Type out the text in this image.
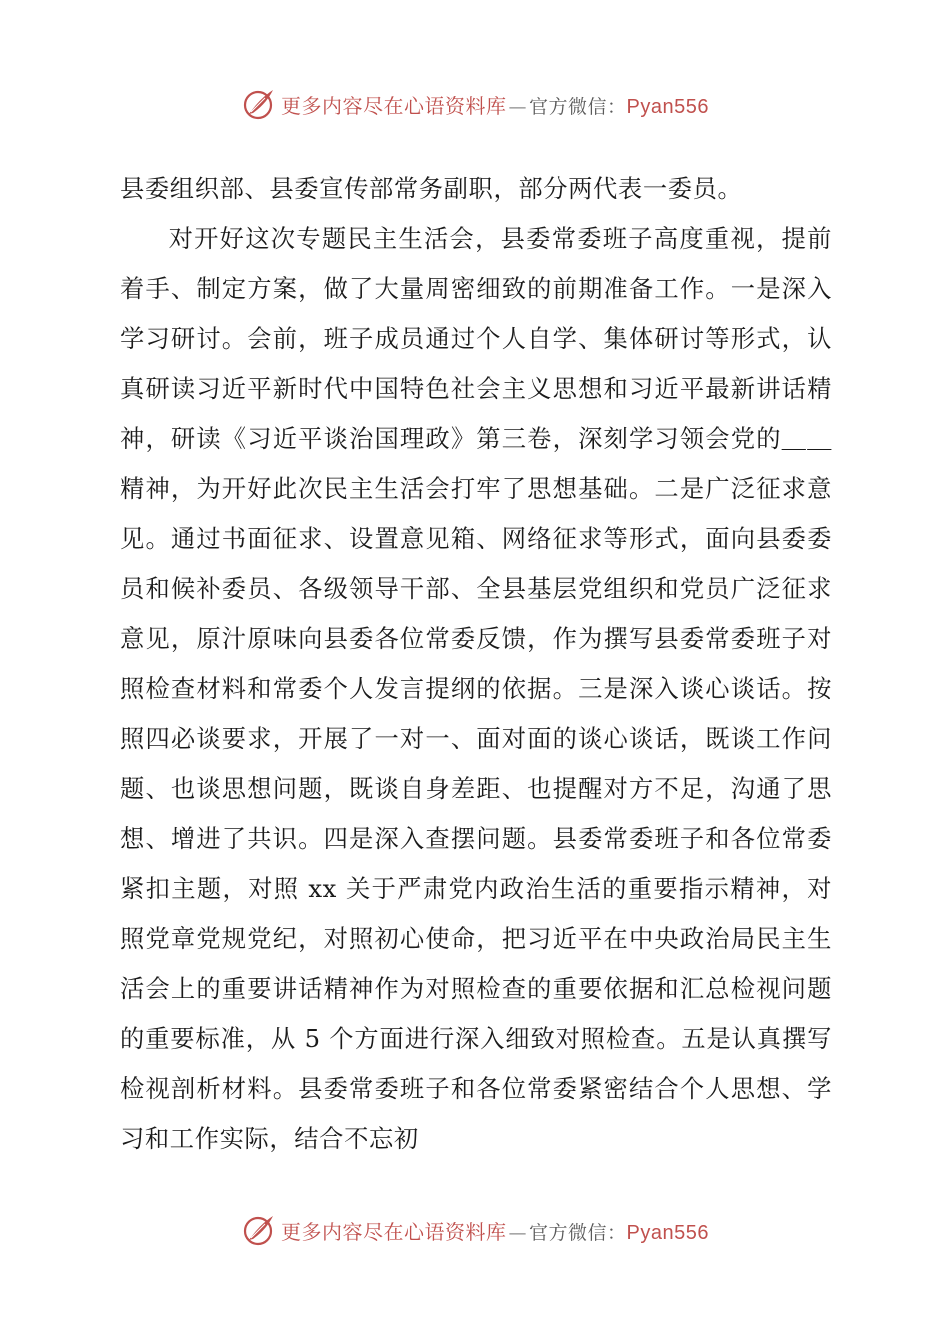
更多内容尽在心语资料库 — 官方微信：Pyan556

县委组织部、县委宣传部常务副职，部分两代表一委员。

对开好这次专题民主生活会，县委常委班子高度重视，提前着手、制定方案，做了大量周密细致的前期准备工作。一是深入学习研讨。会前，班子成员通过个人自学、集体研讨等形式，认真研读习近平新时代中国特色社会主义思想和习近平最新讲话精神，研读《习近平谈治国理政》第三卷，深刻学习领会党的＿＿精神，为开好此次民主生活会打牢了思想基础。二是广泛征求意见。通过书面征求、设置意见箱、网络征求等形式，面向县委委员和候补委员、各级领导干部、全县基层党组织和党员广泛征求意见，原汁原味向县委各位常委反馈，作为撰写县委常委班子对照检查材料和常委个人发言提纲的依据。三是深入谈心谈话。按照四必谈要求，开展了一对一、面对面的谈心谈话，既谈工作问题、也谈思想问题，既谈自身差距、也提醒对方不足，沟通了思想、增进了共识。四是深入查摆问题。县委常委班子和各位常委紧扣主题，对照 xx 关于严肃党内政治生活的重要指示精神，对照党章党规党纪，对照初心使命，把习近平在中央政治局民主生活会上的重要讲话精神作为对照检查的重要依据和汇总检视问题的重要标准，从 5 个方面进行深入细致对照检查。五是认真撰写检视剖析材料。县委常委班子和各位常委紧密结合个人思想、学习和工作实际，结合不忘初

更多内容尽在心语资料库 — 官方微信：Pyan556
